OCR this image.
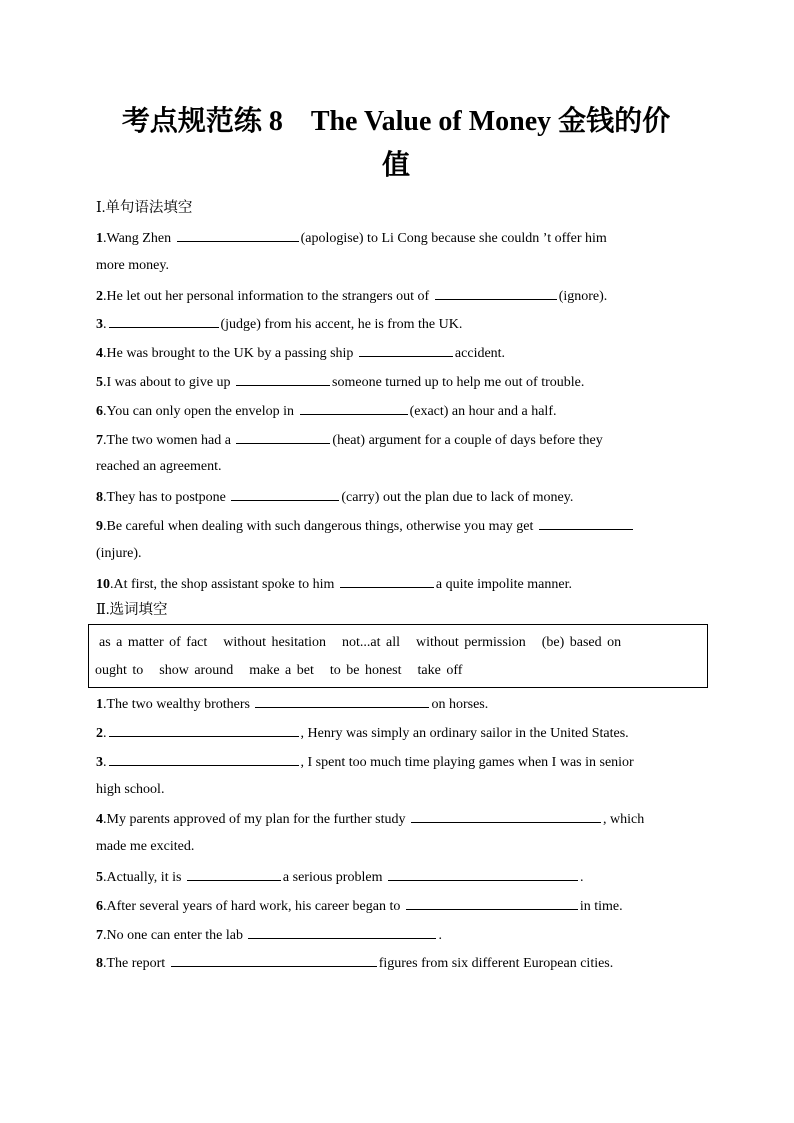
考点规范练 8　The Value of Money 金钱的价
值
Ⅰ.单句语法填空
1.Wang Zhen	(apologise) to Li Cong because she couldn ’t offer him
more money.
2.He let out her personal information to the strangers out of	(ignore).
3.	(judge) from his accent, he is from the UK.
4.He was brought to the UK by a passing ship	accident.
5.I was about to give up	someone turned up to help me out of trouble.
6.You can only open the envelop in	(exact) an hour and a half.
7.The two women had a	(heat) argument for a couple of days before they
reached an agreement.
8.They has to postpone	(carry) out the plan due to lack of money.
9.Be careful when dealing with such dangerous things, otherwise you may get
(injure).
10.At first, the shop assistant spoke to him	a quite impolite manner.
Ⅱ.选词填空
as a matter of fact without hesitation not...at all without permission (be) based on
ought to show around make a bet to be honest take off
1.The two wealthy brothers	on horses.
2.	, Henry was simply an ordinary sailor in the United States.
3.	, I spent too much time playing games when I was in senior
high school.
4.My parents approved of my plan for the further study	, which
made me excited.
5.Actually, it is	a serious problem	.
6.After several years of hard work, his career began to	in time.
7.No one can enter the lab	.
8.The report	figures from six different European cities.
